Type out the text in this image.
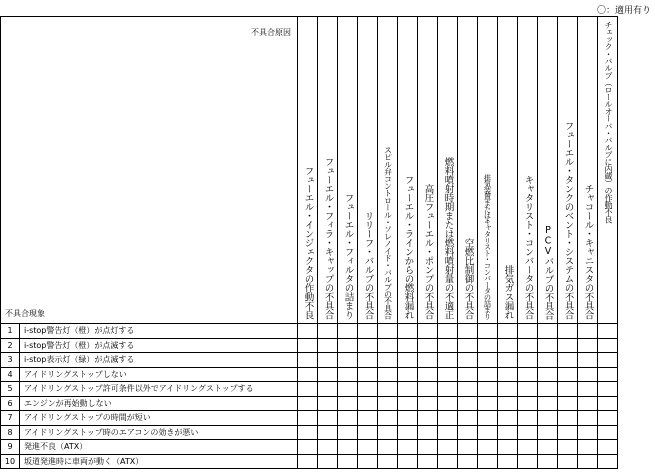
〇：適用有り
不具合原因
不具合現象		フューエル・インジェクタの作動不良	フューエル・フィラ・キャップの不具合	フューエル・フィルタの詰まり	リリーフ・バルブの不具合	スピル弁コントロール・ソレノイド・バルブの不具合	フューエル・ラインからの燃料漏れ	高圧フューエル・ポンプの不具合	燃料噴射時期または燃料噴射量の不適正	空燃比制御の不具合	排気装置またはキャタリスト・コンバータの詰まり	排気ガス漏れ	キャタリスト・コンバータの不具合	PCVバルブの不具合	フューエル・タンクのベント・システムの不具合	チャコール・キャニスタの不具合	チェック・バルブ（ロールオーバ・バルブに内蔵）の作動不良

1	i-stop警告灯（橙）が点灯する																
2	i-stop警告灯（橙）が点滅する																
3	i-stop表示灯（緑）が点滅する																
4	アイドリングストップしない																
5	アイドリングストップ許可条件以外でアイドリングストップする																
6	エンジンが再始動しない																
7	アイドリングストップの時間が短い																
8	アイドリングストップ時のエアコンの効きが悪い																
9	発進不良（ATX）																
10	坂道発進時に車両が動く（ATX）																
